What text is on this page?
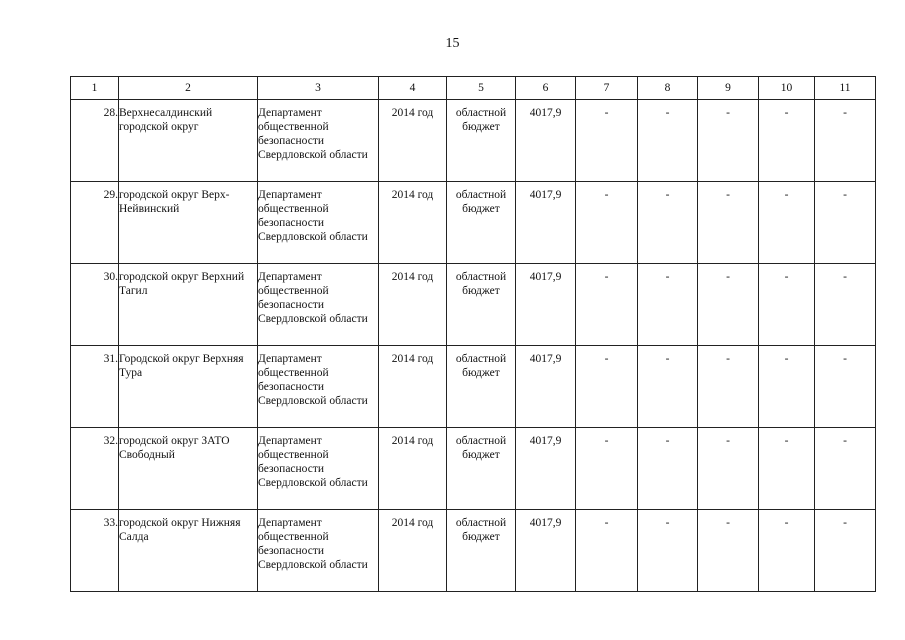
15
1	2	3	4	5	6	7	8	9	10	11
28.	Верхнесалдинский городской округ	Департамент общественной безопасности Свердловской области	2014 год	областной бюджет	4017,9	-	-	-	-	-
29.	городской округ Верх-Нейвинский	Департамент общественной безопасности Свердловской области	2014 год	областной бюджет	4017,9	-	-	-	-	-
30.	городской округ Верхний Тагил	Департамент общественной безопасности Свердловской области	2014 год	областной бюджет	4017,9	-	-	-	-	-
31.	Городской округ Верхняя Тура	Департамент общественной безопасности Свердловской области	2014 год	областной бюджет	4017,9	-	-	-	-	-
32.	городской округ ЗАТО Свободный	Департамент общественной безопасности Свердловской области	2014 год	областной бюджет	4017,9	-	-	-	-	-
33.	городской округ Нижняя Салда	Департамент общественной безопасности Свердловской области	2014 год	областной бюджет	4017,9	-	-	-	-	-
